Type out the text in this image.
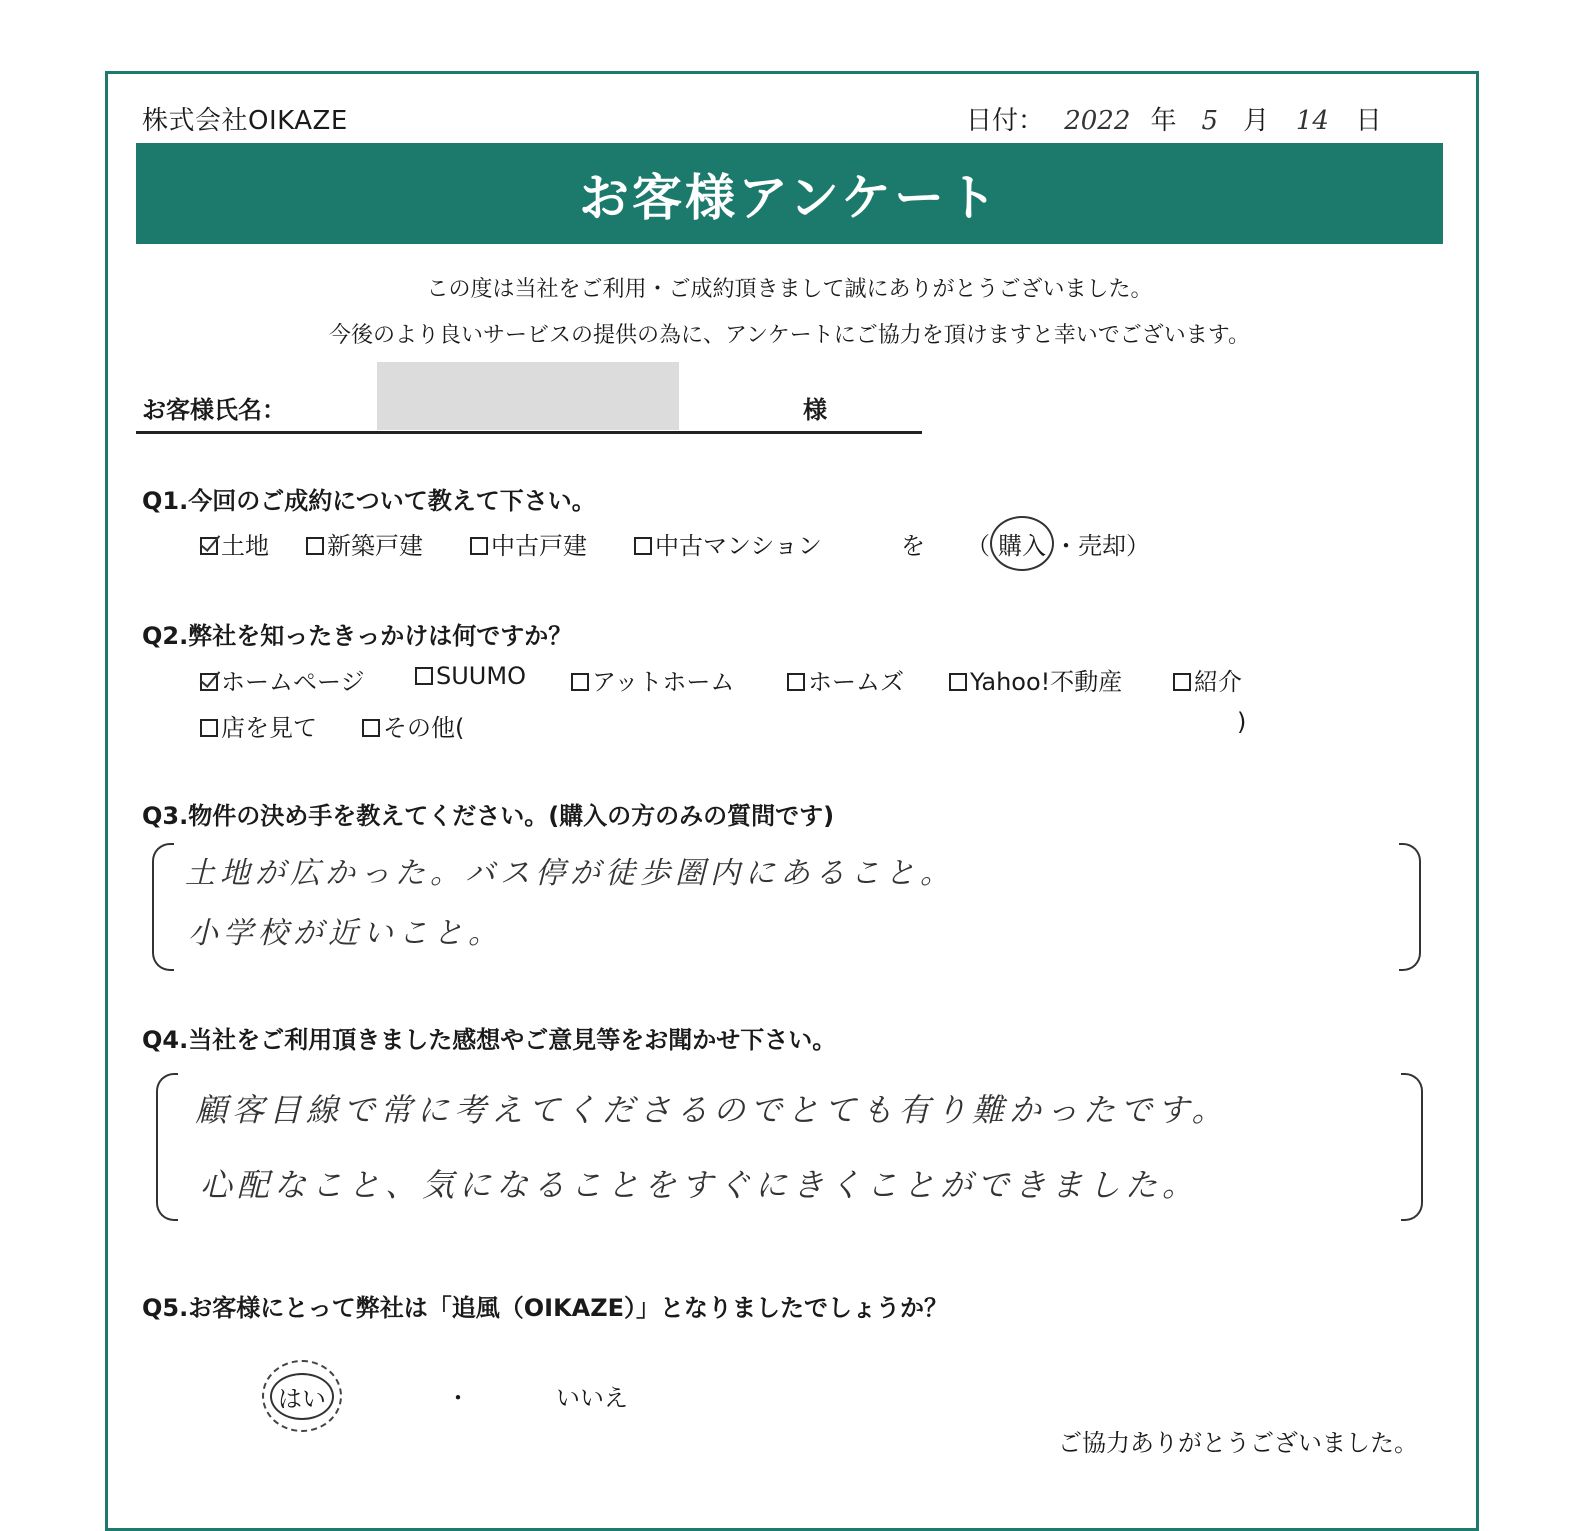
株式会社OIKAZE	日付： 2022 年 5 月 14 日
お客様アンケート
この度は当社をご利用・ご成約頂きまして誠にありがとうございました。
今後のより良いサービスの提供の為に、アンケートにご協力を頂けますと幸いでございます。
お客様氏名：	様
Q1.今回のご成約について教えて下さい。
土地	新築戸建	中古戸建	中古マンション	を （ 購入 ・売却）
Q2.弊社を知ったきっかけは何ですか？
ホームページ	SUUMO	アットホーム	ホームズ	Yahoo!不動産	紹介
店を見て	その他(	)
Q3.物件の決め手を教えてください。(購入の方のみの質問です)
土地が広かった。バス停が徒歩圏内にあること。
小学校が近いこと。
Q4.当社をご利用頂きました感想やご意見等をお聞かせ下さい。
顧客目線で常に考えてくださるのでとても有り難かったです。
心配なこと、気になることをすぐにきくことができました。
Q5.お客様にとって弊社は「追風（OIKAZE）」となりましたでしょうか？
はい	・	いいえ
ご協力ありがとうございました。
